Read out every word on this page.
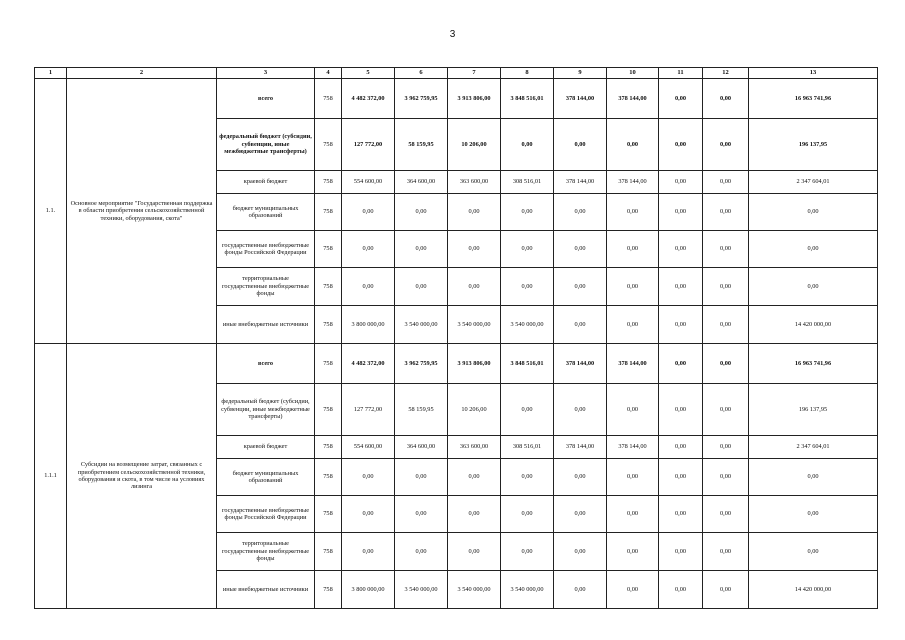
3
1	2	3	4	5	6	7	8	9	10	11	12	13
1.1.	Основное мероприятие "Государственная поддержка в области приобретения сельскохозяйственной техники, оборудования, скота"	всего	758	4 482 372,00	3 962 759,95	3 913 806,00	3 848 516,01	378 144,00	378 144,00	0,00	0,00	16 963 741,96
		федеральный бюджет (субсидии, субвенции, иные межбюджетные трансферты)	758	127 772,00	58 159,95	10 206,00	0,00	0,00	0,00	0,00	0,00	196 137,95
		краевой бюджет	758	554 600,00	364 600,00	363 600,00	308 516,01	378 144,00	378 144,00	0,00	0,00	2 347 604,01
		бюджет муниципальных образований	758	0,00	0,00	0,00	0,00	0,00	0,00	0,00	0,00	0,00
		государственные внебюджетные фонды Российской Федерации	758	0,00	0,00	0,00	0,00	0,00	0,00	0,00	0,00	0,00
		территориальные государственные внебюджетные фонды	758	0,00	0,00	0,00	0,00	0,00	0,00	0,00	0,00	0,00
		иные внебюджетные источники	758	3 800 000,00	3 540 000,00	3 540 000,00	3 540 000,00	0,00	0,00	0,00	0,00	14 420 000,00
1.1.1	Субсидии на возмещение затрат, связанных с приобретением сельскохозяйственной техники, оборудования и скота, в том числе на условиях лизинга	всего	758	4 482 372,00	3 962 759,95	3 913 806,00	3 848 516,01	378 144,00	378 144,00	0,00	0,00	16 963 741,96
		федеральный бюджет (субсидии, субвенции, иные межбюджетные трансферты)	758	127 772,00	58 159,95	10 206,00	0,00	0,00	0,00	0,00	0,00	196 137,95
		краевой бюджет	758	554 600,00	364 600,00	363 600,00	308 516,01	378 144,00	378 144,00	0,00	0,00	2 347 604,01
		бюджет муниципальных образований	758	0,00	0,00	0,00	0,00	0,00	0,00	0,00	0,00	0,00
		государственные внебюджетные фонды Российской Федерации	758	0,00	0,00	0,00	0,00	0,00	0,00	0,00	0,00	0,00
		территориальные государственные внебюджетные фонды	758	0,00	0,00	0,00	0,00	0,00	0,00	0,00	0,00	0,00
		иные внебюджетные источники	758	3 800 000,00	3 540 000,00	3 540 000,00	3 540 000,00	0,00	0,00	0,00	0,00	14 420 000,00
